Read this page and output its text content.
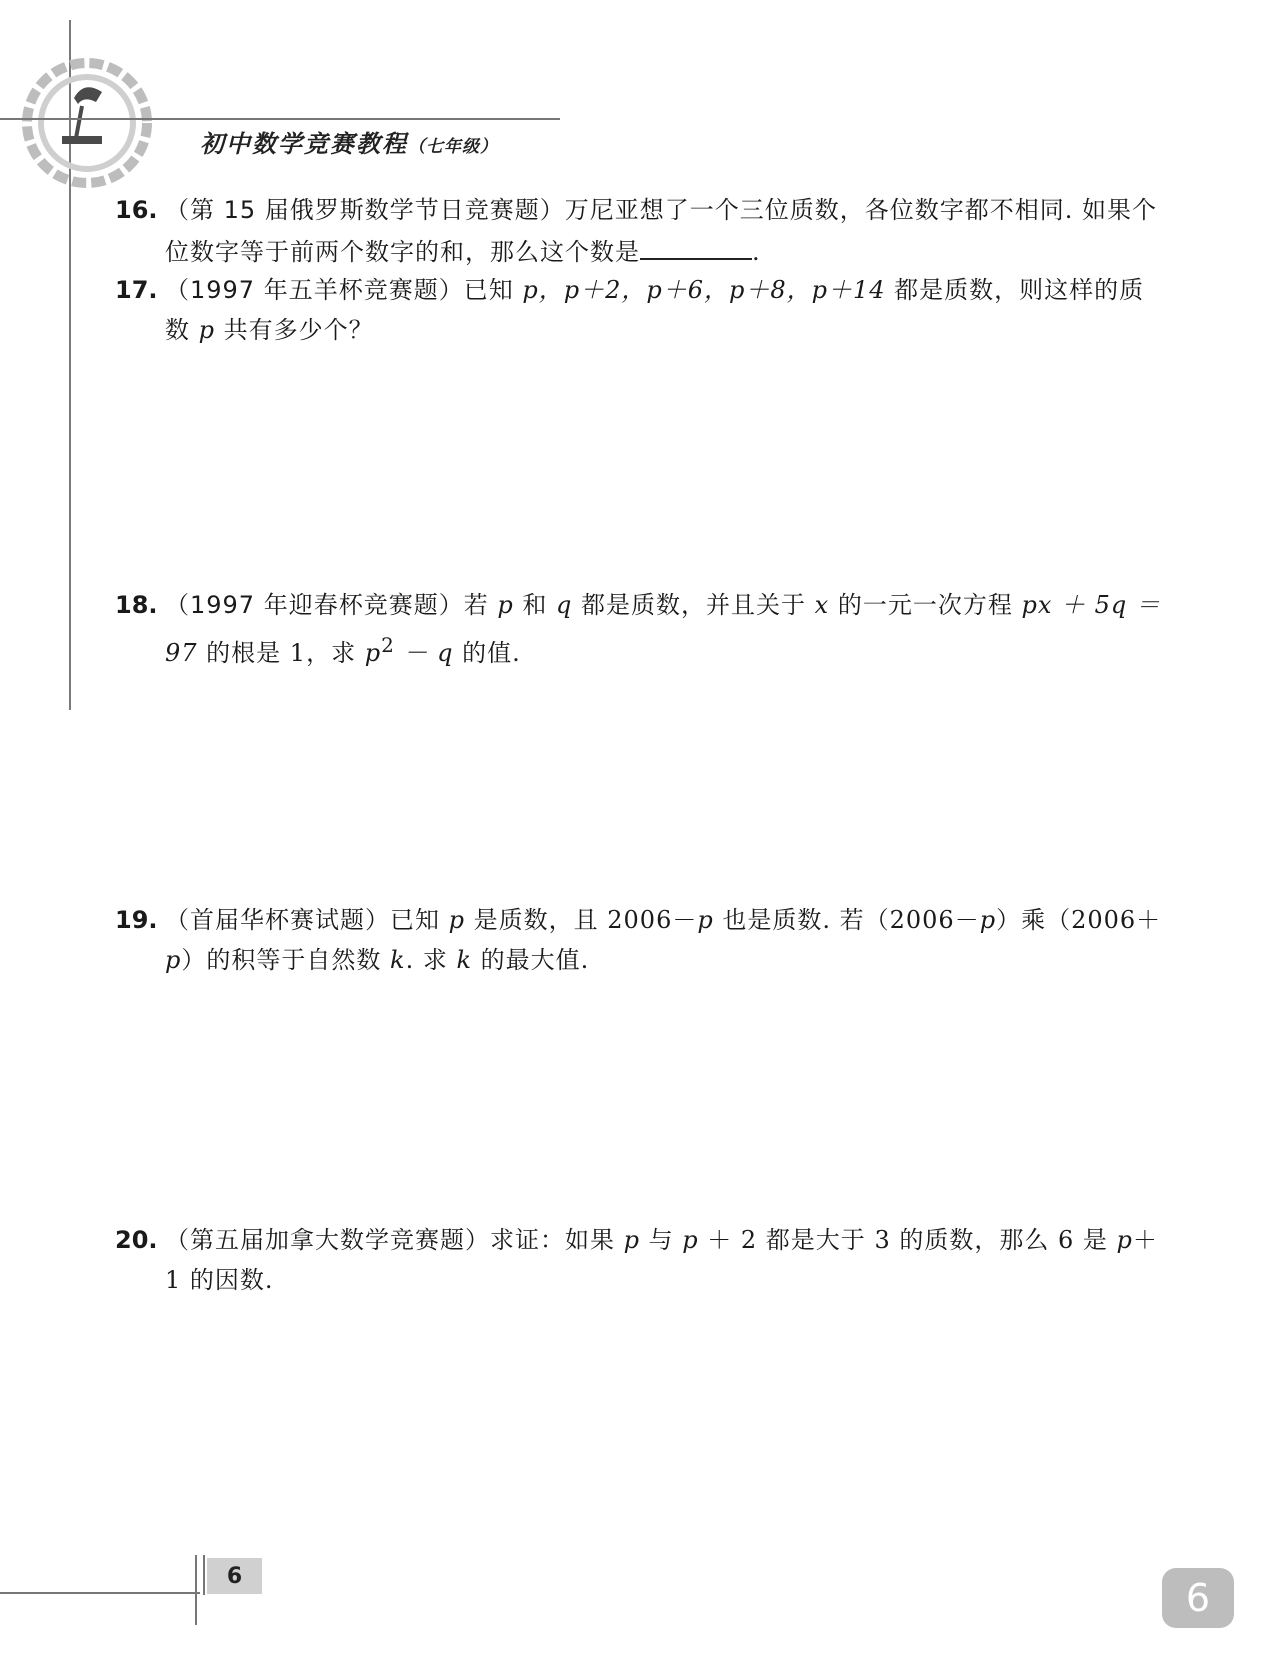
初中数学竞赛教程（七年级）
16. （第 15 届俄罗斯数学节日竞赛题）万尼亚想了一个三位质数，各位数字都不相同. 如果个位数字等于前两个数字的和，那么这个数是	.
17. （1997 年五羊杯竞赛题）已知 p，p＋2，p＋6，p＋8，p＋14 都是质数，则这样的质数 p 共有多少个？
18. （1997 年迎春杯竞赛题）若 p 和 q 都是质数，并且关于 x 的一元一次方程 px ＋ 5q ＝ 97 的根是 1，求 $p^2 - q$ 的值.
19. （首届华杯赛试题）已知 p 是质数，且 2006－p 也是质数. 若（2006－p）乘（2006＋p）的积等于自然数 k. 求 k 的最大值.
20. （第五届加拿大数学竞赛题）求证：如果 p 与 p ＋ 2 都是大于 3 的质数，那么 6 是 p＋1 的因数.
6	6
